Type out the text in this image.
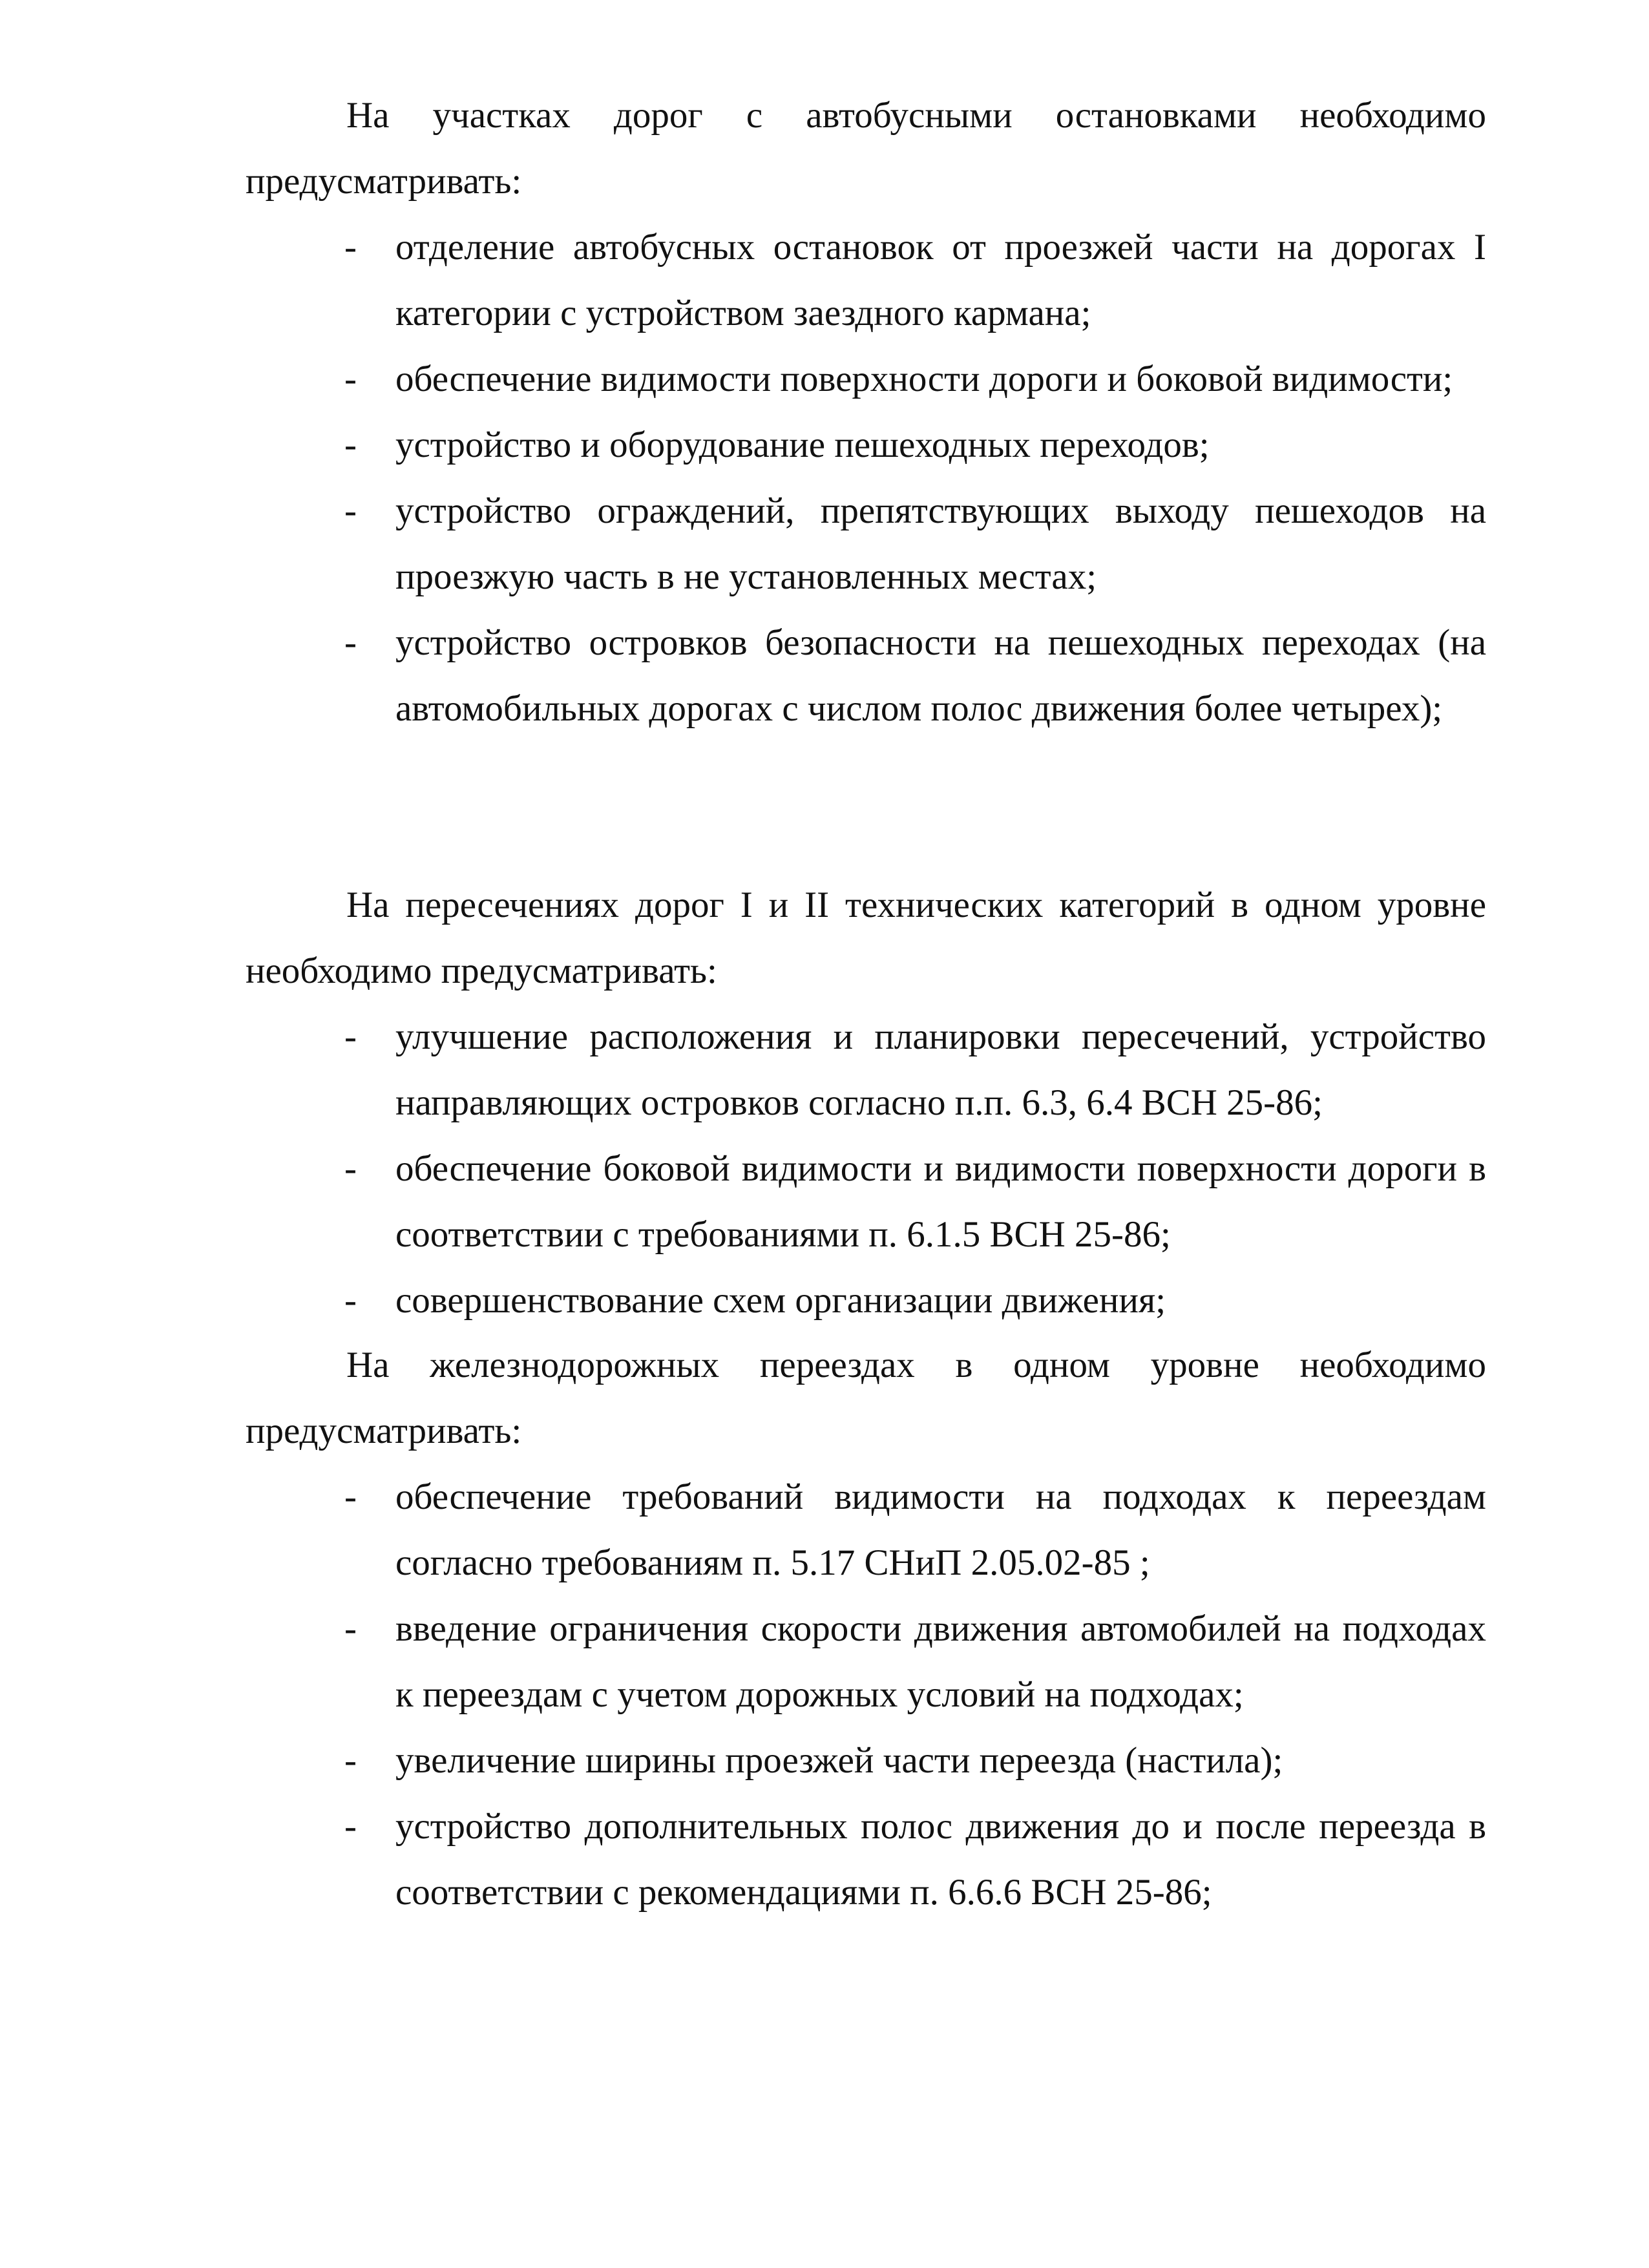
На участках дорог с автобусными остановками необходимо предусматривать:

- отделение автобусных остановок от проезжей части на дорогах I категории с устройством заездного кармана;
- обеспечение видимости поверхности дороги и боковой видимости;
- устройство и оборудование пешеходных переходов;
- устройство ограждений, препятствующих выходу пешеходов на проезжую часть в не установленных местах;
- устройство островков безопасности на пешеходных переходах (на автомобильных дорогах с числом полос движения более четырех);

На пересечениях дорог I и II технических категорий в одном уровне необходимо предусматривать:

- улучшение расположения и планировки пересечений, устройство направляющих островков согласно п.п. 6.3, 6.4 ВСН 25-86;
- обеспечение боковой видимости и видимости поверхности дороги в соответствии с требованиями п. 6.1.5 ВСН 25-86;
- совершенствование схем организации движения;

На железнодорожных переездах в одном уровне необходимо предусматривать:

- обеспечение требований видимости на подходах к переездам согласно требованиям п. 5.17 СНиП 2.05.02-85 ;
- введение ограничения скорости движения автомобилей на подходах к переездам с учетом дорожных условий на подходах;
- увеличение ширины проезжей части переезда (настила);
- устройство дополнительных полос движения до и после переезда в соответствии с рекомендациями п. 6.6.6 ВСН 25-86;
